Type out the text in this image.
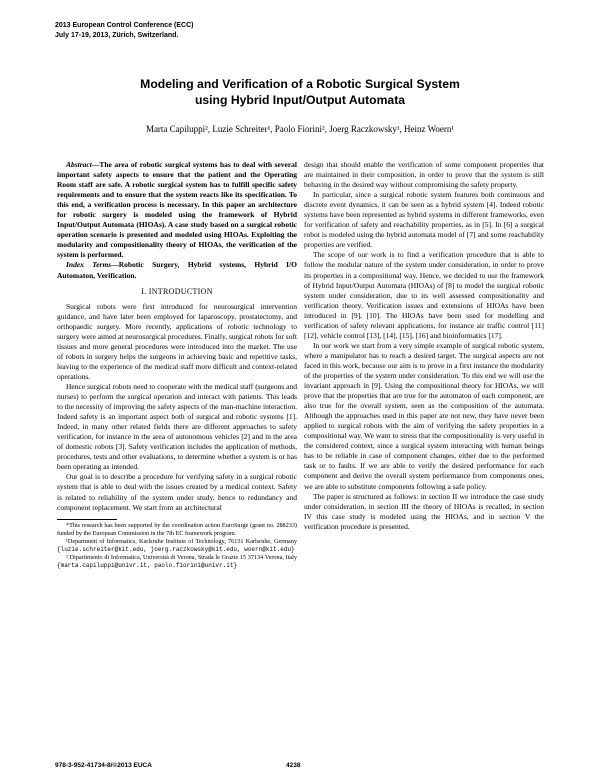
2013 European Control Conference (ECC)
July 17-19, 2013, Zürich, Switzerland.
Modeling and Verification of a Robotic Surgical System
using Hybrid Input/Output Automata
Marta Capiluppi², Luzie Schreiter¹, Paolo Fiorini², Joerg Raczkowsky¹, Heinz Woern¹

Abstract—The area of robotic surgical systems has to deal with several important safety aspects to ensure that the patient and the Operating Room staff are safe. A robotic surgical system has to fulfill specific safety requirements and to ensure that the system reacts like its specification. To this end, a verification process is necessary. In this paper an architecture for robotic surgery is modeled using the framework of Hybrid Input/Output Automata (HIOAs). A case study based on a surgical robotic operation scenario is presented and modeled using HIOAs. Exploiting the modularity and compositionality theory of HIOAs, the verification of the system is performed.

Index Terms—Robotic Surgery, Hybrid systems, Hybrid I/O Automaton, Verification.

I. INTRODUCTION

Surgical robots were first introduced for neurosurgical intervention guidance, and have later been employed for laparoscopy, prostatectomy, and orthopaedic surgery. More recently, applications of robotic technology to surgery were aimed at neurosurgical procedures. Finally, surgical robots for soft tissues and more general procedures were introduced into the market. The use of robots in surgery helps the surgeons in achieving basic and repetitive tasks, leaving to the experience of the medical staff more difficult and context-related operations.

Hence surgical robots need to cooperate with the medical staff (surgeons and nurses) to perform the surgical operation and interact with patients. This leads to the necessity of improving the safety aspects of the man-machine interaction. Indeed safety is an important aspect both of surgical and robotic systems [1]. Indeed, in many other related fields there are different approaches to safety verification, for instance in the area of autonomous vehicles [2] and in the area of domestic robots [3]. Safety verification includes the application of methods, procedures, tests and other evaluations, to determine whether a system is or has been operating as intended.

Our goal is to describe a procedure for verifying safety in a surgical robotic system that is able to deal with the issues created by a medical context. Safety is related to reliability of the system under study, hence to redundancy and component replacement. We start from an architectural

*This research has been supported by the coordination action EuroSurge (grant no. 288233) funded by the European Commission in the 7th EC framework program.

¹Department of Informatics, Karlsruhe Institute of Technology, 76131 Karlsruhe, Germany {luzie.schreiter@kit.edu, joerg.raczkowsky@kit.edu, woern@kit.edu}

² Dipartimento di Informatica, Università di Verona, Strada le Grazie 15 37134 Verona, Italy {marta.capiluppi@univr.it, paolo.fiorini@univr.it}

design that should enable the verification of some component properties that are maintained in their composition, in order to prove that the system is still behaving in the desired way without compromising the safety property.

In particular, since a surgical robotic system features both continuous and discrete event dynamics, it can be seen as a hybrid system [4]. Indeed robotic systems have been represented as hybrid systems in different frameworks, even for verification of safety and reachability properties, as in [5]. In [6] a surgical robot is modeled using the hybrid automata model of [7] and some reachability properties are verified.

The scope of our work is to find a verification procedure that is able to follow the modular nature of the system under consideration, in order to prove its properties in a compositional way. Hence, we decided to use the framework of Hybrid Input/Output Automata (HIOAs) of [8] to model the surgical robotic system under consideration, due to its well assessed compositionality and verification theory. Verification issues and extensions of HIOAs have been introduced in [9], [10]. The HIOAs have been used for modelling and verification of safety relevant applications, for instance air traffic control [11] [12], vehicle control [13], [14], [15], [16] and bioinformatics [17].

In our work we start from a very simple example of surgical robotic system, where a manipulator has to reach a desired target. The surgical aspects are not faced in this work, because our aim is to prove in a first instance the modularity of the properties of the system under consideration. To this end we will use the invariant approach in [9]. Using the compositional theory for HIOAs, we will prove that the properties that are true for the automaton of each component, are also true for the overall system, seen as the composition of the automata. Although the approaches used in this paper are not new, they have never been applied to surgical robots with the aim of verifying the safety properties in a compositional way. We want to stress that the compositionality is very useful in the considered context, since a surgical system interacting with human beings has to be reliable in case of component changes, either due to the performed task or to faults. If we are able to verify the desired performance for each component and derive the overall system performance from components ones, we are able to substitute components following a safe policy.

The paper is structured as follows: in section II we introduce the case study under consideration, in section III the theory of HIOAs is recalled, in section IV this case study is modeled using the HIOAs, and in section V the verification procedure is presented.

978-3-952-41734-8/©2013 EUCA	4238
